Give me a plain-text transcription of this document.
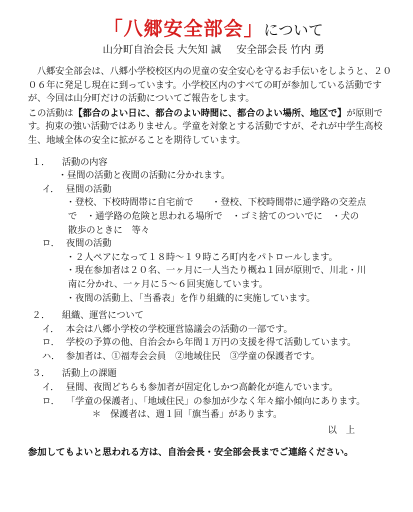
「八郷安全部会」について
山分町自治会長 大矢知 誠 安全部会長 竹内 勇

八郷安全部会は、八郷小学校校区内の児童の安全安心を守るお手伝いをしようと、２００６年に発足し現在に到っています。小学校区内のすべての町が参加している活動ですが、今回は山分町だけの活動についてご報告をします。

この活動は【都合のよい日に、都合のよい時間に、都合のよい場所、地区で】が原則です。拘束の強い活動ではありません。学童を対象とする活動ですが、それが中学生高校生、地域全体の安全に拡がることを期待しています。

１． 活動の内容

・昼間の活動と夜間の活動に分かれます。

イ． 昼間の活動

・登校、下校時間帯に自宅前で　　・登校、下校時間帯に通学路の交差点

で　・通学路の危険と思われる場所で　・ゴミ捨てのついでに　・犬の

散歩のときに　等々

ロ． 夜間の活動

・２人ペアになって１８時～１９時ころ町内をパトロールします。

・現在参加者は２０名、一ヶ月に一人当たり概ね１回が原則で、川北・川

南に分かれ、一ヶ月に５～６回実施しています。

・夜間の活動上、「当番表」を作り組織的に実施しています。

２． 組織、運営について
イ． 本会は八郷小学校の学校運営協議会の活動の一部です。
ロ． 学校の予算の他、自治会から年間１万円の支援を得て活動しています。
ハ． 参加者は、①福寿会会員　②地域住民　③学童の保護者です。
３． 活動上の課題
イ． 昼間、夜間どちらも参加者が固定化しかつ高齢化が進んでいます。
ロ． 「学童の保護者」、「地域住民」の参加が少なく年々縮小傾向にあります。

＊　保護者は、週１回「旗当番」があります。

以　上

参加してもよいと思われる方は、自治会長・安全部会長までご連絡ください。
